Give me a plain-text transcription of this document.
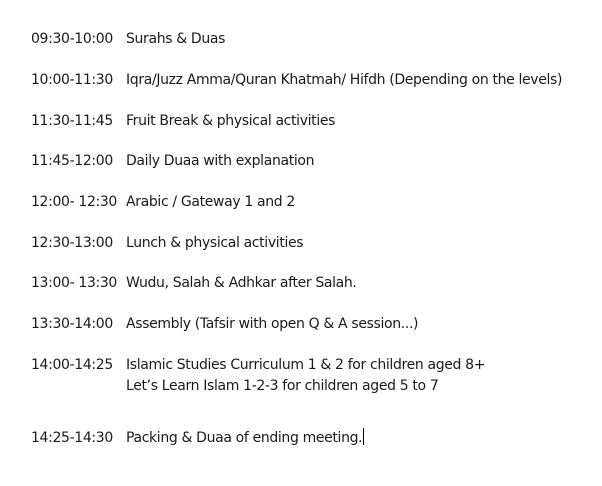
09:30-10:00 Surahs & Duas
10:00-11:30 Iqra/Juzz Amma/Quran Khatmah/ Hifdh (Depending on the levels)
11:30-11:45 Fruit Break & physical activities
11:45-12:00 Daily Duaa with explanation
12:00- 12:30 Arabic / Gateway 1 and 2
12:30-13:00 Lunch & physical activities
13:00- 13:30 Wudu, Salah & Adhkar after Salah.
13:30-14:00 Assembly (Tafsir with open Q & A session...)
14:00-14:25 Islamic Studies Curriculum 1 & 2 for children aged 8+
Let’s Learn Islam 1-2-3 for children aged 5 to 7
14:25-14:30 Packing & Duaa of ending meeting.
